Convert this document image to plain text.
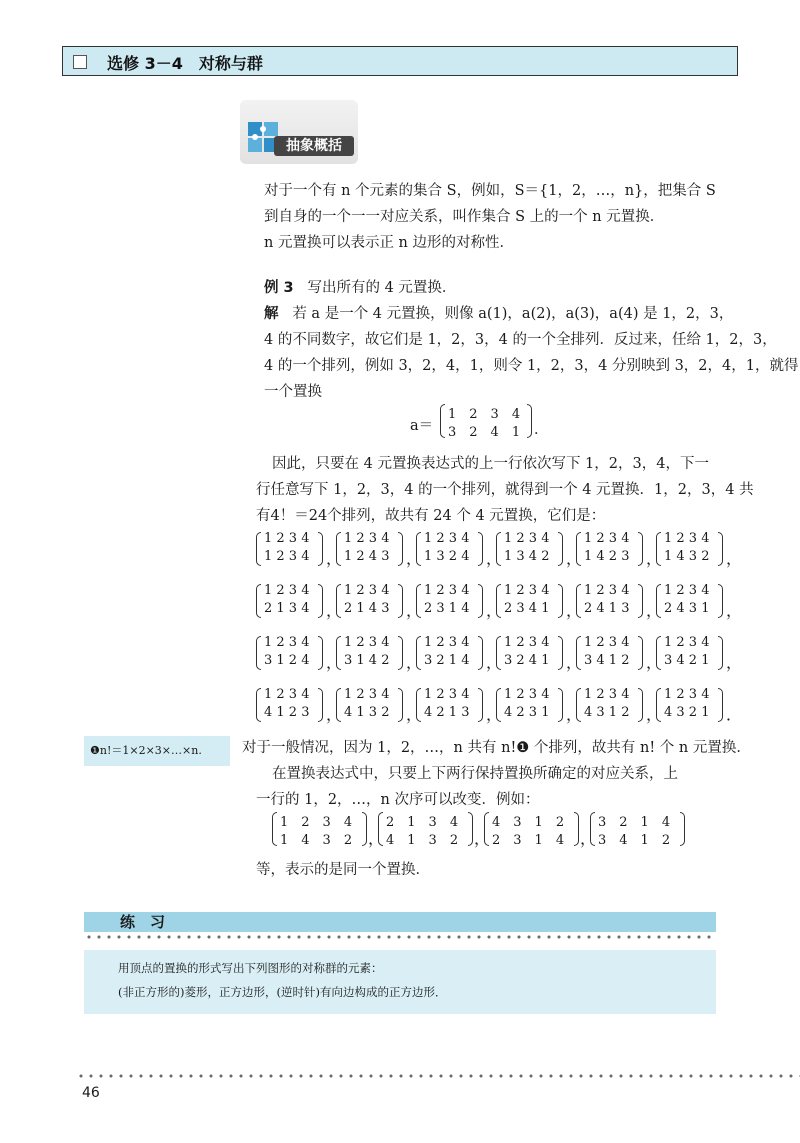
选修 3－4　对称与群
抽象概括
对于一个有 n 个元素的集合 S，例如，S＝{1，2，…，n}，把集合 S
到自身的一个一一对应关系，叫作集合 S 上的一个 n 元置换．
n 元置换可以表示正 n 边形的对称性．
例 3 写出所有的 4 元置换．
解 若 a 是一个 4 元置换，则像 a(1)，a(2)，a(3)，a(4) 是 1，2，3，
4 的不同数字，故它们是 1，2，3，4 的一个全排列．反过来，任给 1，2，3，
4 的一个排列，例如 3，2，4，1，则令 1，2，3，4 分别映到 3，2，4，1，就得
一个置换
a＝
1　2　3　4
3　2　4　1 ．
因此，只要在 4 元置换表达式的上一行依次写下 1，2，3，4，下一
行任意写下 1，2，3，4 的一个排列，就得到一个 4 元置换．1，2，3，4 共
有4！＝24个排列，故共有 24 个 4 元置换，它们是：
1 2 3 4
1 2 3 4 ，
1 2 3 4
1 2 4 3 ，
1 2 3 4
1 3 2 4 ，
1 2 3 4
1 3 4 2 ，
1 2 3 4
1 4 2 3 ，
1 2 3 4
1 4 3 2 ，
1 2 3 4
2 1 3 4 ，
1 2 3 4
2 1 4 3 ，
1 2 3 4
2 3 1 4 ，
1 2 3 4
2 3 4 1 ，
1 2 3 4
2 4 1 3 ，
1 2 3 4
2 4 3 1 ，
1 2 3 4
3 1 2 4 ，
1 2 3 4
3 1 4 2 ，
1 2 3 4
3 2 1 4 ，
1 2 3 4
3 2 4 1 ，
1 2 3 4
3 4 1 2 ，
1 2 3 4
3 4 2 1 ，
1 2 3 4
4 1 2 3 ，
1 2 3 4
4 1 3 2 ，
1 2 3 4
4 2 1 3 ，
1 2 3 4
4 2 3 1 ，
1 2 3 4
4 3 1 2 ，
1 2 3 4
4 3 2 1 ．
❶n!＝1×2×3×…×n.	对于一般情况，因为 1，2，…，n 共有 n!❶ 个排列，故共有 n! 个 n 元置换．
在置换表达式中，只要上下两行保持置换所确定的对应关系，上
一行的 1，2，…，n 次序可以改变．例如：
1　2　3　4
1　4　3　2 ，
2　1　3　4
4　1　3　2 ，
4　3　1　2
2　3　1　4 ，
3　2　1　4
3　4　1　2
等，表示的是同一个置换．
练　习
用顶点的置换的形式写出下列图形的对称群的元素：
(非正方形的)菱形，正方边形，(逆时针)有向边构成的正方边形．
46
